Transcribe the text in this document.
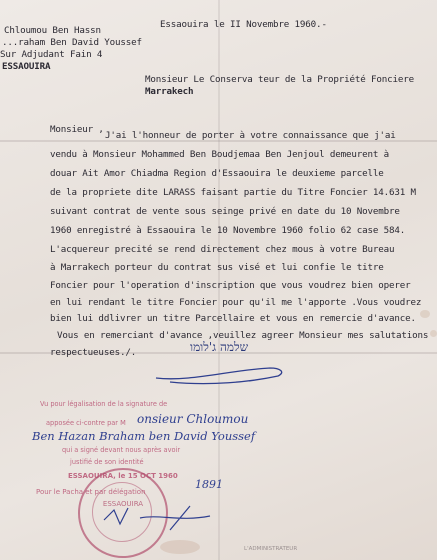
Chloumou Ben Hassn
...raham Ben David Youssef
Sur Adjudant Fain 4
ESSAOUIRA
Essaouira le II Novembre 1960.-
Monsieur Le Conserva teur de la Propriété Fonciere
Marrakech
Monsieur ,
J'ai l'honneur de porter à votre connaissance que j'ai
vendu à Monsieur Mohammed Ben Boudjemaa Ben Jenjoul demeurent à
douar Ait Amor Chiadma Region d'Essaouira le deuxieme parcelle
de la propriete dite LARASS faisant partie du Titre Foncier 14.631 M
suivant contrat de vente sous seinge privé en date du 10 Novembre
1960 enregistré à Essaouira le 10 Novembre 1960 folio 62 case 584.
L'acquereur precité se rend directement chez mous à votre Bureau
à Marrakech porteur du contrat sus visé et lui confie le titre
Foncier pour l'operation d'inscription que vous voudrez bien operer
en lui rendant le titre Foncier pour qu'il me l'apporte .Vous voudrez
bien lui ddlivrer un titre Parcellaire et vous en remercie d'avance.
Vous en remerciant d'avance ,veuillez agreer Monsieur mes salutations
respectueuses./.	שלמה ג'לומו
Vu pour légalisation de la signature de
apposée ci-contre par M onsieur Chloumou
Ben Hazan Braham ben David Youssef
qui a signé devant nous après avoir
justifié de son identité
ESSAOUIRA, le 15 OCT 1960
Pour le Pacha et par délégation
1891
ESSAOUIRA
L'ADMINISTRATEUR
